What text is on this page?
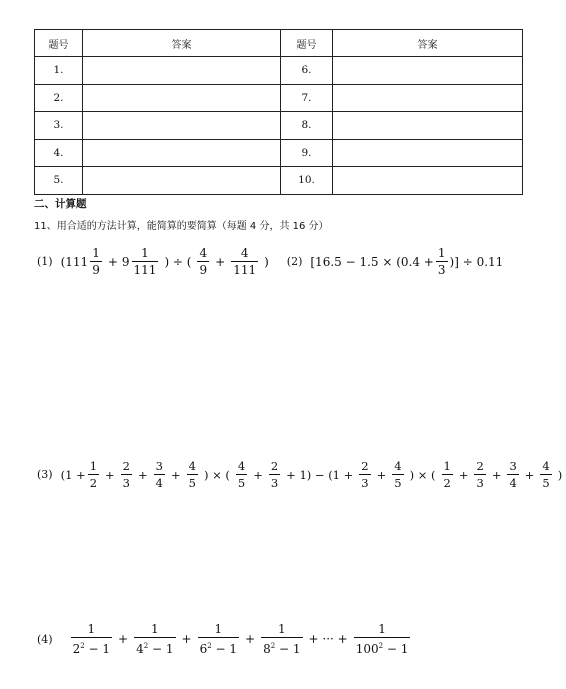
题号	答案	题号	答案
1.		6.	
2.		7.	
3.		8.	
4.		9.	
5.		10.	
二、计算题
11、用合适的方法计算，能简算的要简算（每题 4 分，共 16 分）
(1) ($111 \frac{1}{9} + 9 \frac{1}{111}$ ) ÷ ( $\frac{4}{9} + \frac{4}{111}$ ) (2) [$16.5 - 1.5 \times (0.4 + \frac{1}{3}$ )] ÷ 0.11
(3) ($1 + \frac{1}{2} + \frac{2}{3} + \frac{3}{4} + \frac{4}{5}$ ) × ( $\frac{4}{5} + \frac{2}{3} + 1) - (1 + \frac{2}{3} + \frac{4}{5}$ ) × ( $\frac{1}{2} + \frac{2}{3} + \frac{3}{4} + \frac{4}{5}$ )
$(4) \frac{1}{2^2 - 1} + \frac{1}{4^2 - 1} + \frac{1}{6^2 - 1} + \frac{1}{8^2 - 1}$ + ··· + $\frac{1}{100^2 - 1}$
